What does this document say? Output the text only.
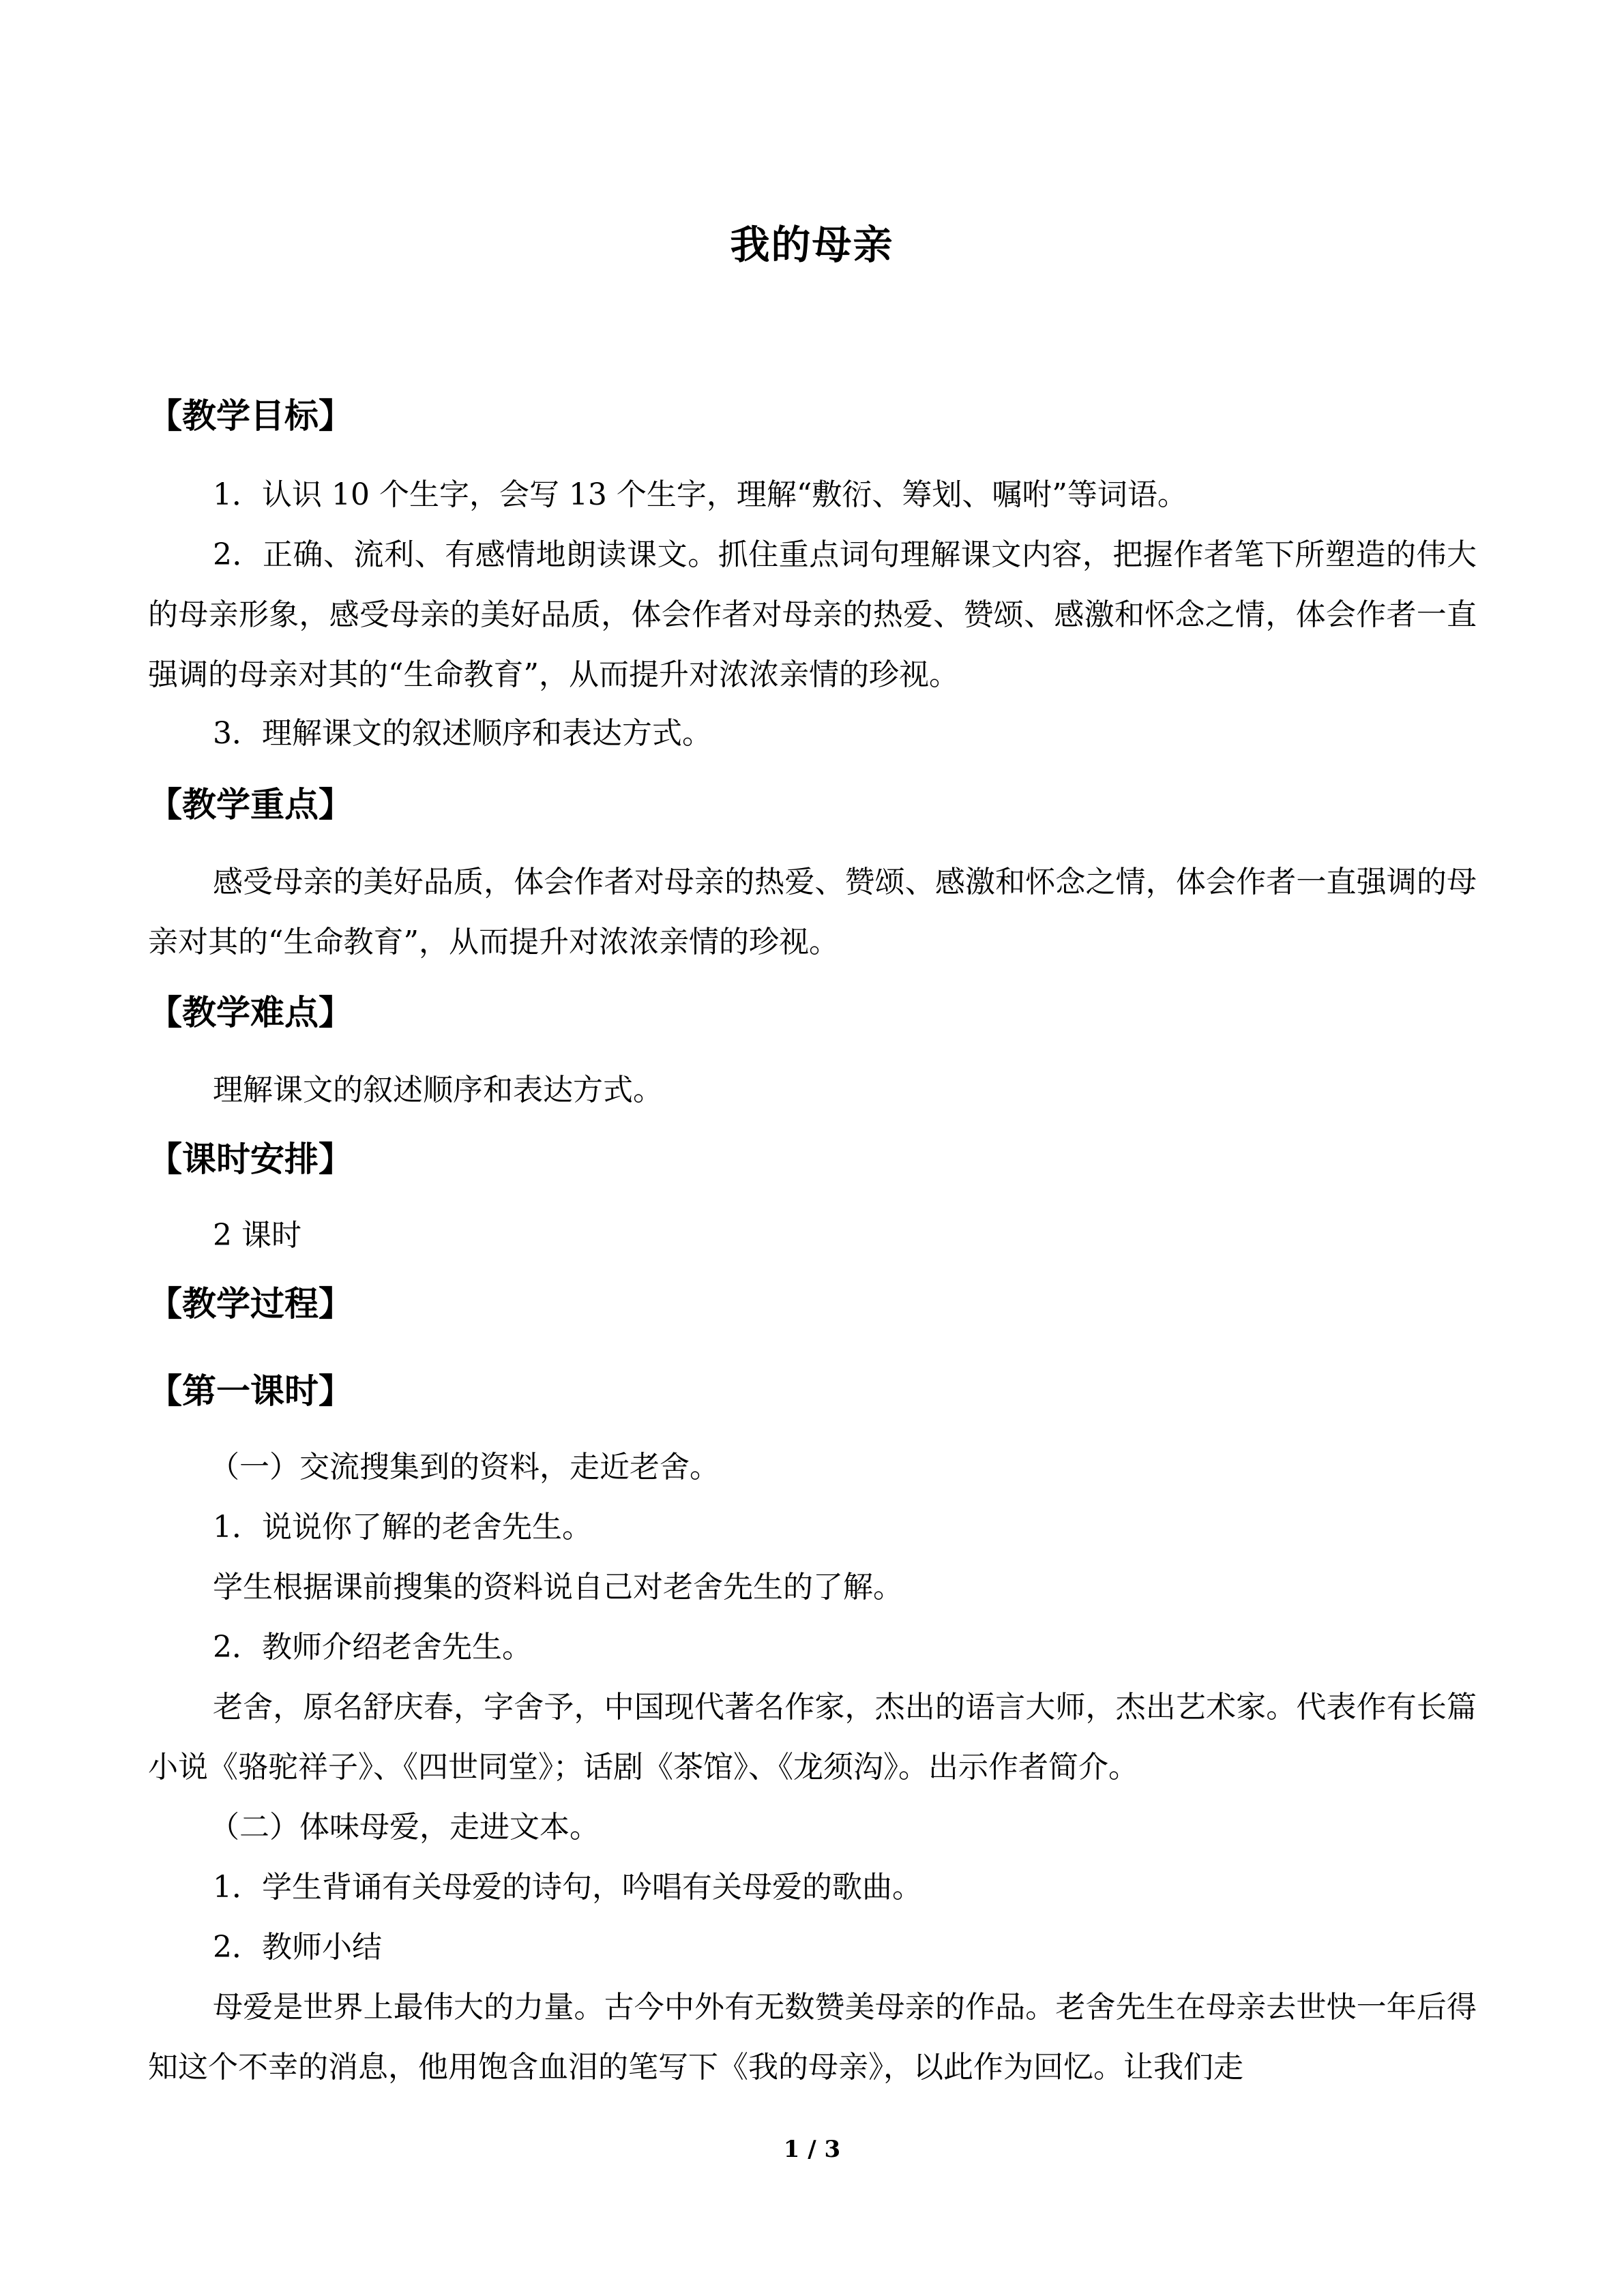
我的母亲
【教学目标】
1．认识 10 个生字，会写 13 个生字，理解“敷衍、筹划、嘱咐”等词语。
2．正确、流利、有感情地朗读课文。抓住重点词句理解课文内容，把握作者笔下所塑造的伟大的母亲形象，感受母亲的美好品质，体会作者对母亲的热爱、赞颂、感激和怀念之情，体会作者一直强调的母亲对其的“生命教育”，从而提升对浓浓亲情的珍视。
3．理解课文的叙述顺序和表达方式。
【教学重点】
感受母亲的美好品质，体会作者对母亲的热爱、赞颂、感激和怀念之情，体会作者一直强调的母亲对其的“生命教育”，从而提升对浓浓亲情的珍视。
【教学难点】
理解课文的叙述顺序和表达方式。
【课时安排】
2 课时
【教学过程】
【第一课时】
（一）交流搜集到的资料，走近老舍。
1．说说你了解的老舍先生。
学生根据课前搜集的资料说自己对老舍先生的了解。
2．教师介绍老舍先生。
老舍，原名舒庆春，字舍予，中国现代著名作家，杰出的语言大师，杰出艺术家。代表作有长篇小说《骆驼祥子》、《四世同堂》；话剧《茶馆》、《龙须沟》。出示作者简介。
（二）体味母爱，走进文本。
1．学生背诵有关母爱的诗句，吟唱有关母爱的歌曲。
2．教师小结
母爱是世界上最伟大的力量。古今中外有无数赞美母亲的作品。老舍先生在母亲去世快一年后得知这个不幸的消息，他用饱含血泪的笔写下《我的母亲》，以此作为回忆。让我们走
1 / 3
